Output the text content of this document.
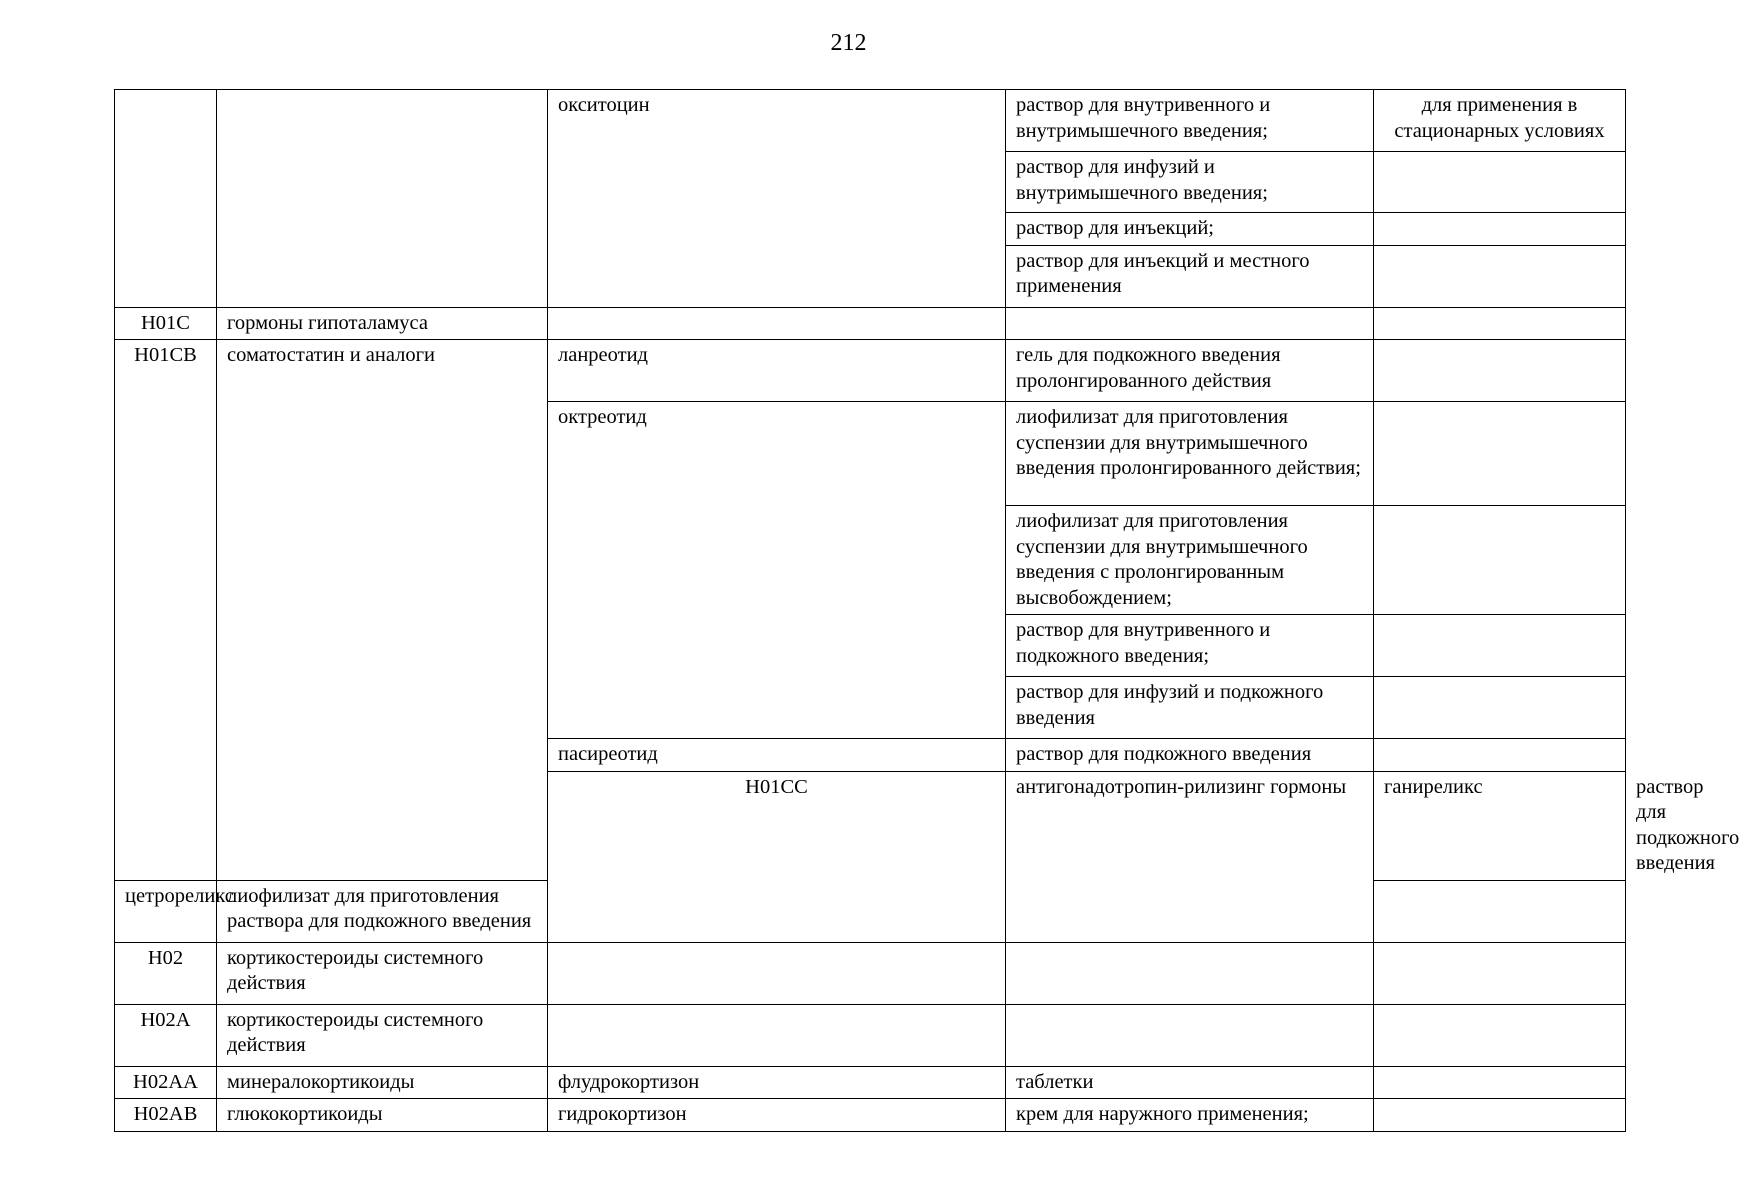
212
		окситоцин	раствор для внутривенного и внутримышечного введения;	для применения в стационарных условиях	
			раствор для инфузий и внутримышечного введения;		
			раствор для инъекций;		
			раствор для инъекций и местного применения		
H01C	гормоны гипоталамуса				
H01CB	соматостатин и аналоги	ланреотид	гель для подкожного введения пролонгированного действия		
		октреотид	лиофилизат для приготовления суспензии для внутримышечного введения пролонгированного действия;		
			лиофилизат для приготовления суспензии для внутримышечного введения с пролонгированным высвобождением;		
			раствор для внутривенного и подкожного введения;		
			раствор для инфузий и подкожного введения		
		пасиреотид	раствор для подкожного введения		
		H01CC	антигонадотропин-рилизинг гормоны	ганиреликс	раствор для подкожного введения	
цетрореликс	лиофилизат для приготовления раствора для подкожного введения				
H02	кортикостероиды системного действия				
H02A	кортикостероиды системного действия				
H02AA	минералокортикоиды	флудрокортизон	таблетки		
H02AB	глюкокортикоиды	гидрокортизон	крем для наружного применения;		
